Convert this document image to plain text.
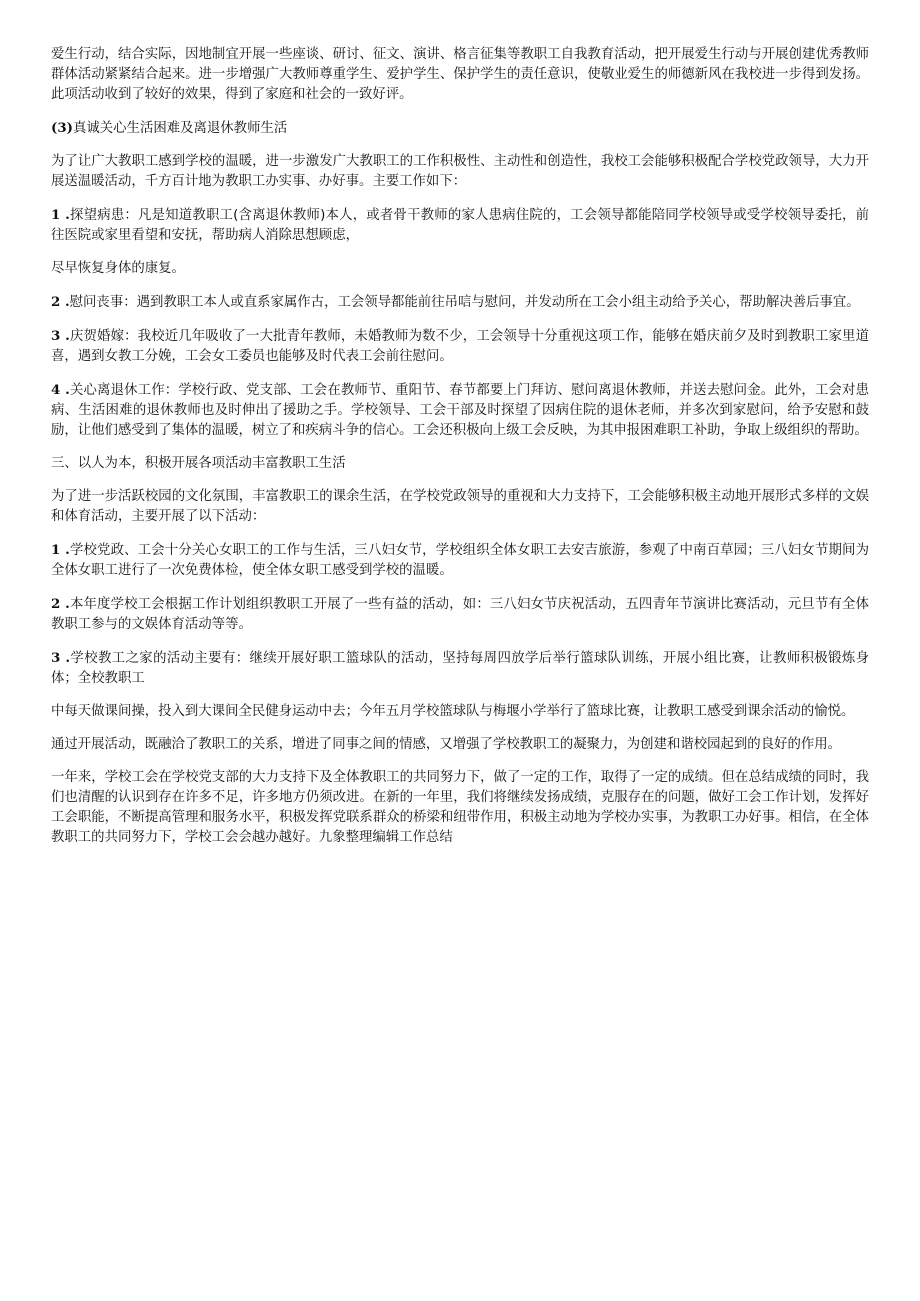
爱生行动，结合实际，因地制宜开展一些座谈、研讨、征文、演讲、格言征集等教职工自我教育活动，把开展爱生行动与开展创建优秀教师群体活动紧紧结合起来。进一步增强广大教师尊重学生、爱护学生、保护学生的责任意识，使敬业爱生的师德新风在我校进一步得到发扬。此项活动收到了较好的效果，得到了家庭和社会的一致好评。

(3)真诚关心生活困难及离退休教师生活

为了让广大教职工感到学校的温暖，进一步激发广大教职工的工作积极性、主动性和创造性，我校工会能够积极配合学校党政领导，大力开展送温暖活动，千方百计地为教职工办实事、办好事。主要工作如下：

1 .探望病患：凡是知道教职工(含离退休教师)本人，或者骨干教师的家人患病住院的，工会领导都能陪同学校领导或受学校领导委托，前往医院或家里看望和安抚，帮助病人消除思想顾虑，

尽早恢复身体的康复。

2 .慰问丧事：遇到教职工本人或直系家属作古，工会领导都能前往吊唁与慰问，并发动所在工会小组主动给予关心，帮助解决善后事宜。

3 .庆贺婚嫁：我校近几年吸收了一大批青年教师，未婚教师为数不少，工会领导十分重视这项工作，能够在婚庆前夕及时到教职工家里道喜，遇到女教工分娩，工会女工委员也能够及时代表工会前往慰问。

4 .关心离退休工作：学校行政、党支部、工会在教师节、重阳节、春节都要上门拜访、慰问离退休教师，并送去慰问金。此外，工会对患病、生活困难的退休教师也及时伸出了援助之手。学校领导、工会干部及时探望了因病住院的退休老师，并多次到家慰问，给予安慰和鼓励，让他们感受到了集体的温暖，树立了和疾病斗争的信心。工会还积极向上级工会反映，为其申报困难职工补助，争取上级组织的帮助。

三、以人为本，积极开展各项活动丰富教职工生活

为了进一步活跃校园的文化氛围，丰富教职工的课余生活，在学校党政领导的重视和大力支持下，工会能够积极主动地开展形式多样的文娱和体育活动，主要开展了以下活动：

1 .学校党政、工会十分关心女职工的工作与生活，三八妇女节，学校组织全体女职工去安吉旅游，参观了中南百草园；三八妇女节期间为全体女职工进行了一次免费体检，使全体女职工感受到学校的温暖。

2 .本年度学校工会根据工作计划组织教职工开展了一些有益的活动，如：三八妇女节庆祝活动，五四青年节演讲比赛活动，元旦节有全体教职工参与的文娱体育活动等等。

3 .学校教工之家的活动主要有：继续开展好职工篮球队的活动，坚持每周四放学后举行篮球队训练，开展小组比赛，让教师积极锻炼身体；全校教职工

中每天做课间操，投入到大课间全民健身运动中去；今年五月学校篮球队与梅堰小学举行了篮球比赛，让教职工感受到课余活动的愉悦。

通过开展活动，既融洽了教职工的关系，增进了同事之间的情感，又增强了学校教职工的凝聚力，为创建和谐校园起到的良好的作用。

一年来，学校工会在学校党支部的大力支持下及全体教职工的共同努力下，做了一定的工作，取得了一定的成绩。但在总结成绩的同时，我们也清醒的认识到存在许多不足，许多地方仍须改进。在新的一年里，我们将继续发扬成绩，克服存在的问题，做好工会工作计划，发挥好工会职能，不断提高管理和服务水平，积极发挥党联系群众的桥梁和纽带作用，积极主动地为学校办实事，为教职工办好事。相信，在全体教职工的共同努力下，学校工会会越办越好。九象整理编辑工作总结
